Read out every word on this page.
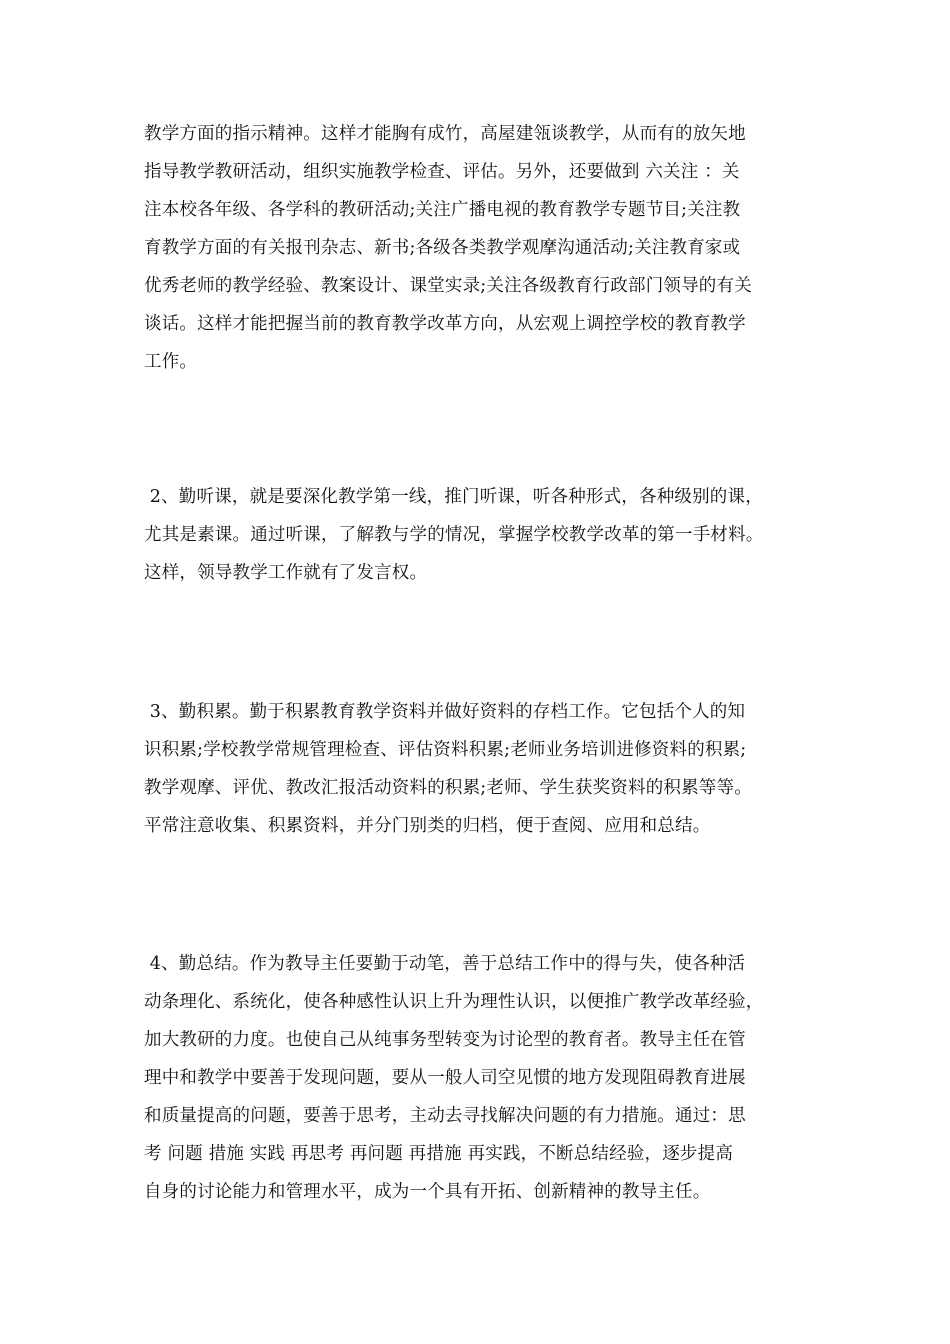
教学方面的指示精神。这样才能胸有成竹，高屋建瓴谈教学，从而有的放矢地
指导教学教研活动，组织实施教学检查、评估。另外，还要做到 六关注 ：关
注本校各年级、各学科的教研活动;关注广播电视的教育教学专题节目;关注教
育教学方面的有关报刊杂志、新书;各级各类教学观摩沟通活动;关注教育家或
优秀老师的教学经验、教案设计、课堂实录;关注各级教育行政部门领导的有关
谈话。这样才能把握当前的教育教学改革方向，从宏观上调控学校的教育教学
工作。
2、勤听课，就是要深化教学第一线，推门听课，听各种形式，各种级别的课，
尤其是素课。通过听课，了解教与学的情况，掌握学校教学改革的第一手材料。
这样，领导教学工作就有了发言权。
3、勤积累。勤于积累教育教学资料并做好资料的存档工作。它包括个人的知
识积累;学校教学常规管理检查、评估资料积累;老师业务培训进修资料的积累;
教学观摩、评优、教改汇报活动资料的积累;老师、学生获奖资料的积累等等。
平常注意收集、积累资料，并分门别类的归档，便于查阅、应用和总结。
4、勤总结。作为教导主任要勤于动笔，善于总结工作中的得与失，使各种活
动条理化、系统化，使各种感性认识上升为理性认识，以便推广教学改革经验，
加大教研的力度。也使自己从纯事务型转变为讨论型的教育者。教导主任在管
理中和教学中要善于发现问题，要从一般人司空见惯的地方发现阻碍教育进展
和质量提高的问题，要善于思考，主动去寻找解决问题的有力措施。通过：思
考 问题 措施 实践 再思考 再问题 再措施 再实践，不断总结经验，逐步提高
自身的讨论能力和管理水平，成为一个具有开拓、创新精神的教导主任。
